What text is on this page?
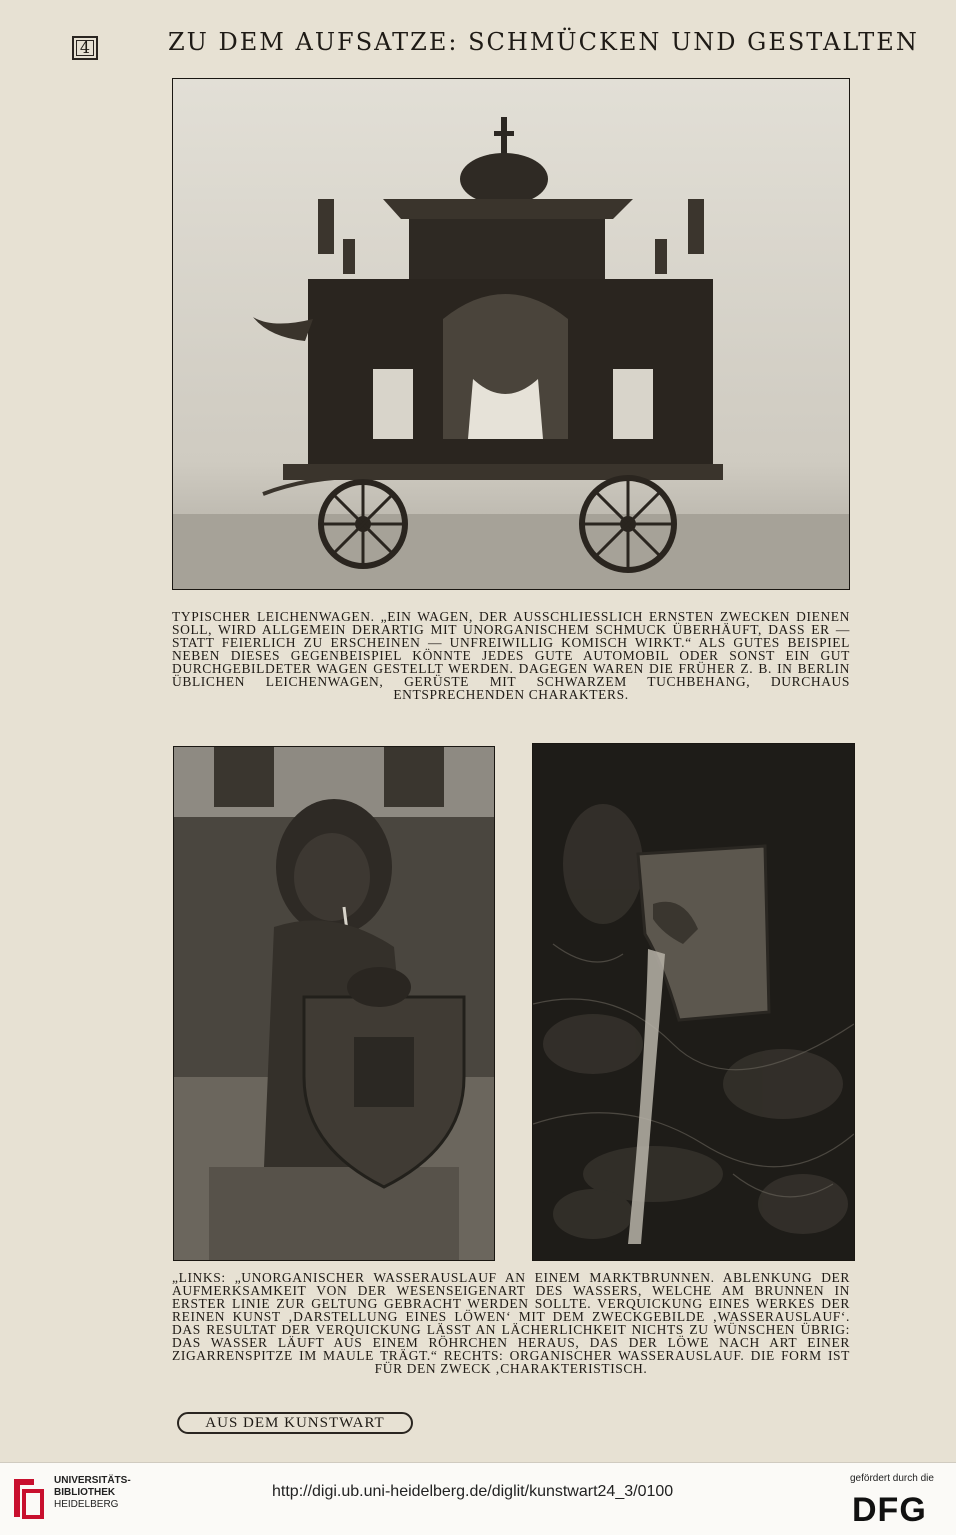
4	ZU DEM AUFSATZE: SCHMÜCKEN UND GESTALTEN
TYPISCHER LEICHENWAGEN. „EIN WAGEN, DER AUSSCHLIESSLICH ERNSTEN ZWECKEN DIENEN SOLL, WIRD ALLGEMEIN DERARTIG MIT UNORGANISCHEM SCHMUCK ÜBERHÄUFT, DASS ER — STATT FEIERLICH ZU ERSCHEINEN — UNFREIWILLIG KOMISCH WIRKT.“ ALS GUTES BEISPIEL NEBEN DIESES GEGENBEISPIEL KÖNNTE JEDES GUTE AUTOMOBIL ODER SONST EIN GUT DURCHGEBILDETER WAGEN GESTELLT WERDEN. DAGEGEN WAREN DIE FRÜHER Z. B. IN BERLIN ÜBLICHEN LEICHENWAGEN, GERÜSTE MIT SCHWARZEM TUCHBEHANG, DURCHAUS ENTSPRECHENDEN CHARAKTERS.
„LINKS: „UNORGANISCHER WASSERAUSLAUF AN EINEM MARKTBRUNNEN. ABLENKUNG DER AUFMERKSAMKEIT VON DER WESENSEIGENART DES WASSERS, WELCHE AM BRUNNEN IN ERSTER LINIE ZUR GELTUNG GEBRACHT WERDEN SOLLTE. VERQUICKUNG EINES WERKES DER REINEN KUNST ‚DARSTELLUNG EINES LÖWEN‘ MIT DEM ZWECKGEBILDE ‚WASSERAUSLAUF‘. DAS RESULTAT DER VERQUICKUNG LÄSST AN LÄCHERLICHKEIT NICHTS ZU WÜNSCHEN ÜBRIG: DAS WASSER LÄUFT AUS EINEM RÖHRCHEN HERAUS, DAS DER LÖWE NACH ART EINER ZIGARRENSPITZE IM MAULE TRÄGT.“ RECHTS: ORGANISCHER WASSERAUSLAUF. DIE FORM IST FÜR DEN ZWECK ‚CHARAKTERISTISCH.
AUS DEM KUNSTWART
UNIVERSITÄTS-
BIBLIOTHEK
HEIDELBERG
http://digi.ub.uni-heidelberg.de/diglit/kunstwart24_3/0100
gefördert durch die
DFG
